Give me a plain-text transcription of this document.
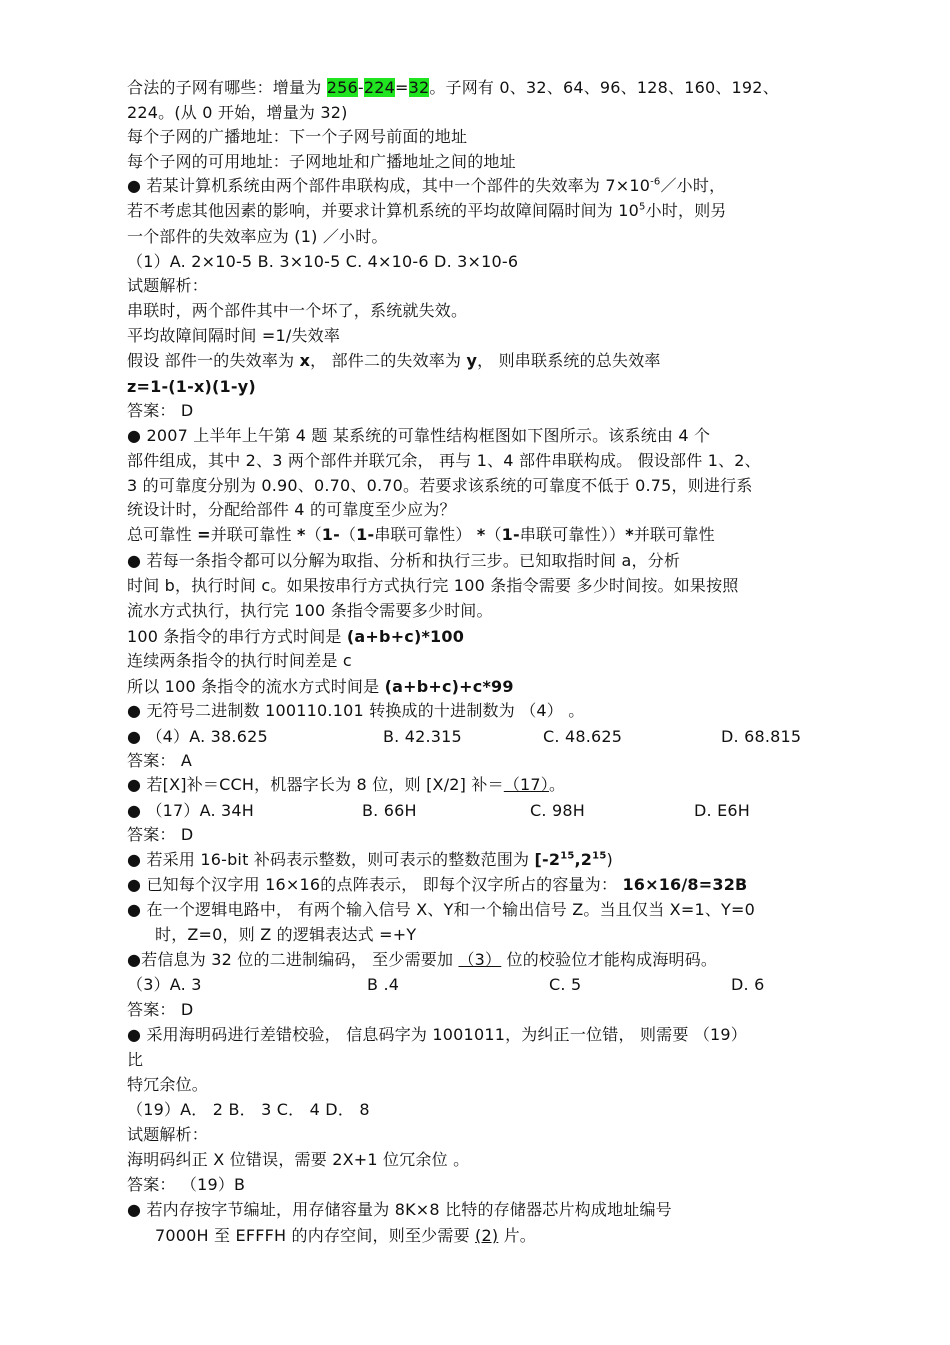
合法的子网有哪些：增量为 256-224=32。子网有 0、32、64、96、128、160、192、
224。(从 0 开始，增量为 32)
每个子网的广播地址：下一个子网号前面的地址
每个子网的可用地址：子网地址和广播地址之间的地址
● 若某计算机系统由两个部件串联构成，其中一个部件的失效率为 $7\times 10^{-6}/$小时，
若不考虑其他因素的影响，并要求计算机系统的平均故障间隔时间为 $10^5$小时，则另
一个部件的失效率应为 (1) ／小时。
（1）A. 2×10-5 B. 3×10-5 C. 4×10-6 D. 3×10-6
试题解析：
串联时，两个部件其中一个坏了，系统就失效。
平均故障间隔时间 =1/失效率
假设 部件一的失效率为 x， 部件二的失效率为 y， 则串联系统的总失效率
z=1-(1-x)(1-y)
答案： D
● 2007 上半年上午第 4 题 某系统的可靠性结构框图如下图所示。该系统由 4 个
部件组成，其中 2、3 两个部件并联冗余， 再与 1、4 部件串联构成。 假设部件 1、2、
3 的可靠度分别为 0.90、0.70、0.70。若要求该系统的可靠度不低于 0.75，则进行系
统设计时，分配给部件 4 的可靠度至少应为？
总可靠性 =并联可靠性 *（1-（1-串联可靠性） *（1-串联可靠性））*并联可靠性
● 若每一条指令都可以分解为取指、分析和执行三步。已知取指时间 a，分析
时间 b，执行时间 c。如果按串行方式执行完 100 条指令需要 多少时间按。如果按照
流水方式执行，执行完 100 条指令需要多少时间。
100 条指令的串行方式时间是 (a+b+c)*100
连续两条指令的执行时间差是 c
所以 100 条指令的流水方式时间是 (a+b+c)+c*99
● 无符号二进制数 100110.101 转换成的十进制数为 （4） 。
● （4）A. 38.625	B. 42.315	C. 48.625	D. 68.815
答案： A
● 若[X]补＝CCH，机器字长为 8 位，则 [X/2] 补＝（17）。
● （17）A. 34H	B. 66H	C. 98H	D. E6H
答案： D
● 若采用 16-bit 补码表示整数，则可表示的整数范围为 $[-2^{15},2^{15})$
● 已知每个汉字用 16×16的点阵表示， 即每个汉字所占的容量为： 16×16/8=32B
● 在一个逻辑电路中， 有两个输入信号 X、Y和一个输出信号 Z。当且仅当 X=1、Y=0
时，Z=0，则 Z 的逻辑表达式 =+Y
●若信息为 32 位的二进制编码， 至少需要加 （3） 位的校验位才能构成海明码。
（3）A. 3	B .4	C. 5	D. 6
答案： D
● 采用海明码进行差错校验， 信息码字为 1001011，为纠正一位错， 则需要 （19）
比
特冗余位。
（19）A． 2 B． 3 C． 4 D． 8
试题解析：
海明码纠正 X 位错误，需要 2X+1 位冗余位 。
答案： （19）B
● 若内存按字节编址，用存储容量为 8K×8 比特的存储器芯片构成地址编号
7000H 至 EFFFH 的内存空间，则至少需要 (2) 片。
